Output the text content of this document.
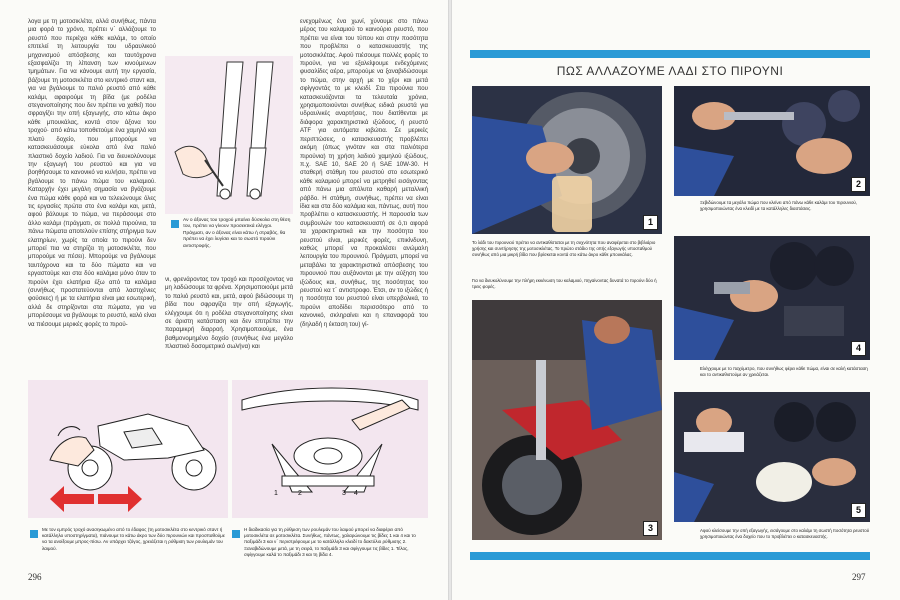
λογα με τη μοτοσικλέτα, αλλά συνήθως, πάντα μια φορά το χρόνο, πρέπει ν΄ αλλάζουμε το ρευστό που περιέχει κάθε καλάμι, το οποίο επιτελεί τη λειτουργία του υδραυλικού μηχανισμού απόσβεσης και ταυτόχρονα εξασφαλίζει τη λίπανση των κινούμενων τμημάτων. Για να κάνουμε αυτή την εργασία, βάζουμε τη μοτοσικλέτα στο κεντρικό σταντ και, για να βγάλουμε το παλιό ρευστό από κάθε καλάμι, αφαιρούμε τη βίδα (με ροδέλα στεγανοποίησης που δεν πρέπει να χαθεί) που σφραγίζει την οπή εξαγωγής, στο κάτω άκρο κάθε μπουκάλας, κοντά στον άξονα του τροχού· από κάτω τοποθετούμε ένα χαμηλό και πλατύ δοχείο, που μπορούμε να κατασκευάσουμε εύκολα από ένα παλιό πλαστικό δοχείο λαδιού. Για να διευκολύνουμε την εξαγωγή του ρευστού και για να βοηθήσουμε το κανονικό να κυλήσει, πρέπει να βγάλουμε το πάνω πώμα του καλαμιού. Καταρχήν έχει μεγάλη σημασία να βγάζουμε ένα πώμα κάθε φορά και να τελειώνουμε όλες τις εργασίες πρώτα στο ένα καλάμι και, μετά, αφού βάλουμε το πώμα, να περάσουμε στο άλλο καλάμι (πράγματι, σε πολλά πιρούνια, τα πάνω πώματα αποτελούν επίσης στήριγμα των ελατηρίων, χωρίς τα οποία το πιρούνι δεν μπορεί πια να στηρίζει τη μοτοσικλέτα, που μπορούμε να πέσει). Μπορούμε να βγάλουμε ταυτόχρονα και τα δύο πώματα και να εργαστούμε και στα δύο καλάμια μόνο όταν το πιρούνι έχει ελατήρια έξω από τα καλάμια (συνήθως προστατεύονται από λαστιχένιες φούσκες) ή με τα ελατήρια είναι μια εσωτερική, αλλά δε στηρίζονται στα πώματα, για να μπορέσουμε να βγάλουμε το ρευστό, καλό είναι να πιέσουμε μερικές φορές το πιρού-
Αν ο άξονας του τροχού μπαίνει δύσκολα στη θέση του, πρέπει να γίνουν προσεκτικά ελέγχοι. Πράγματι, αν ο άξονας είναι κάτω ή στραβός, θα πρέπει να έχει λυγίσει και το σωστό πιρούνι αντιστροφής.
νι, φρενάροντας τον τροχό και προσέχοντας να μη λαδώσουμε τα φρένα. Χρησιμοποιούμε μετά το παλιό ρευστό και, μετά, αφού βιδώσουμε τη βίδα που σφραγίζει την οπή εξαγωγής, ελέγχουμε ότι η ροδέλα στεγανοποίησης είναι σε άριστη κατάσταση και δεν επιτρέπει την παραμικρή διαρροή. Χρησιμοποιούμε, ένα βαθμονομημένο δοχείο (συνήθως ένα μεγάλο πλαστικό δοσομετρικό σωλήνα) και
ενεχομένως ένα χωνί, χύνουμε στο πάνω μέρος του καλαμιού το καινούριο ρευστό, που πρέπει να είναι του τύπου και στην ποσότητα που προβλέπει ο κατασκευαστής της μοτοσικλέτας. Αφού πιέσουμε πολλές φορές το πιρούνι, για να εξαλείψουμε ενδεχόμενες φυσαλίδες αέρα, μπορούμε να ξαναβιδώσουμε το πώμα, στην αρχή με το χέρι και μετά σφίγγοντάς το με κλειδί. Στα πιρούνια που κατασκευάζονται τα τελευταία χρόνια, χρησιμοποιούνται συνήθως ειδικά ρευστά για υδραυλικές αναρτήσεις, που διατίθενται με διάφορα χαρακτηριστικά ιξώδους, ή ρευστό ATF για αυτόματα κιβώτια. Σε μερικές περιπτώσεις, ο κατασκευαστής προβλέπει ακόμη (όπως γινόταν και στα παλιότερα πιρούνια) τη χρήση λαδιού χαμηλού ιξώδους, π.χ. SAE 10, SAE 20 ή SAE 10W-30. Η σταθερή στάθμη του ρευστού στο εσωτερικό κάθε καλαμιού μπορεί να μετρηθεί εισάγοντας από πάνω μια απόλυτα καθαρή μεταλλική ράβδο. Η στάθμη, συνήθως, πρέπει να είναι ίδια και στα δύο καλάμια και, πάντως, αυτή που προβλέπει ο κατασκευαστής. Η παρουσία των συμβουλών του κατασκευαστή σε ό,τι αφορά τα χαρακτηριστικά και την ποσότητα του ρευστού είναι, μερικές φορές, επικίνδυνη, καθώς μπορεί να προκαλέσει ανώμαλη λειτουργία του πιρουνιού. Πράγματι, μπορεί να μεταβάλει τα χαρακτηριστικά απόσβεσης του πιρουνιού που αυξάνονται με την αύξηση του ιξώδους και, συνήθως, της ποσότητας του ρευστού κα τ΄ αντιστροφο. Έτσι, αν το ιξώδες ή η ποσότητα του ρευστού είναι υπερβολικά, το πιρούνι αποδίδει περισσότερο από το κανονικό, σκληραίνει και η επαναφορά του (δηλαδή η έκταση του) γί-
1	2	3 4
Με τον εμπρός τροχό ανασηκωμένο από το έδαφος (τη μοτοσικλέτα στο κεντρικό σταντ ή κατάλληλο υποστηρίγματα), πιάνουμε το κάτω άκρο των δύο πιρουνιών και προσπαθούμε να τα ανοίξουμε μπρος-πίσω. Αν υπάρχει τζόγος, χρειάζεται η ρύθμιση των ρουλεμάν του λαιμού.
Η διαδικασία για τη ρύθμιση των ρουλεμάν του λαιμού μπορεί να διαφέρει από μοτοσικλέτα σε μοτοσικλέτα. Συνήθως, πάντως, χαλαρώνουμε τις βίδες 1 και 4 και το παξιμάδι 3 και ν΄ περιστρέφουμε με το κατάλληλο κλειδί το δακτύλιο ρύθμισης 2. Ξαναβιδώνουμε μετά, με τη σειρά, το παξιμάδι 3 και σφίγγουμε τις βίδες 1. Τέλος, σφίγγουμε καλά το παξιμάδι 3 και τη βίδα 4.
296
ΠΩΣ ΑΛΛΑΖΟΥΜΕ ΛΑΔΙ ΣΤΟ ΠΙΡΟΥΝΙ
1
2
Ξεβιδώνουμε τα μεγάλο πώμα που κλείνει από πάνω κάθε καλάμι του πιρουνιού, χρησιμοποιώντας ένα κλειδί με τα κατάλληλες διαστάσεις.
Το λάδι του πιρουνιού πρέπει να αντικαθίσταται με τη συχνότητα που αναφέρεται στο βιβλιάριο χρήσης και συντήρησης της μοτοσικλέτας. Το πρώτο στάδιο της οπής εξαγωγής υποσταθμού συνήθως από μια μικρή βίδα που βρίσκεται κοντά στο κάτω άκρο κάθε μπουκάλας.
Για να διευκολύνουμε την πλήρη εκκένωση του καλαμιού, πηγαίνοντας δυνατά το πιρούνι δύο ή τρεις φορές.
3
4
Ελέγχουμε με το παχύμετρο, που συνήθως φέρει κάθε πώμα, είναι σε καλή κατάσταση και το αντικαθιστούμε αν χρειάζεται.
5
Αφού κλείσουμε την οπή εξαγωγής, εισάγουμε στο καλάμι τη σωστή ποσότητα ρευστού χρησιμοποιώντας ένα δοχείο που το προβλέπει ο κατασκευαστής.
297
